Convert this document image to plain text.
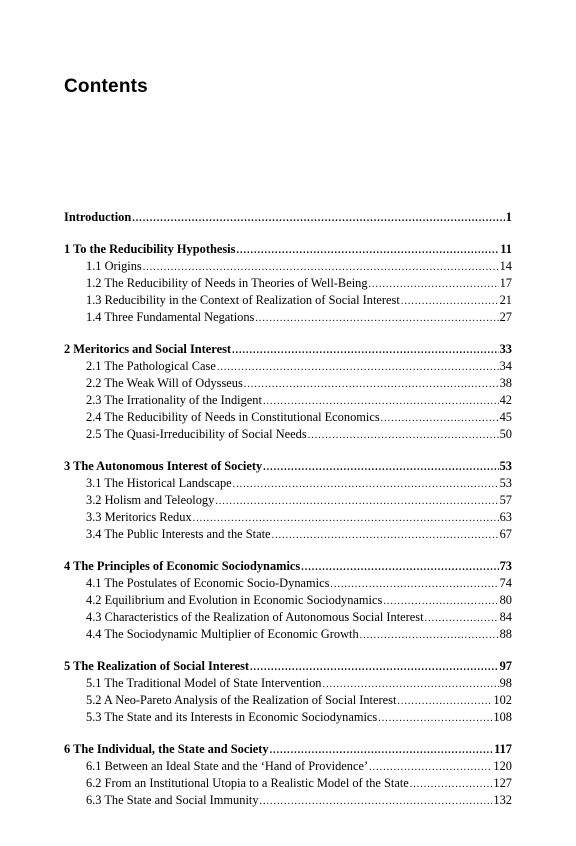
Contents
Introduction .....	1
1 To the Reducibility Hypothesis .....	11
1.1 Origins .....	14
1.2 The Reducibility of Needs in Theories of Well-Being .....	17
1.3 Reducibility in the Context of Realization of Social Interest .....	21
1.4 Three Fundamental Negations .....	27
2 Meritorics and Social Interest .....	33
2.1 The Pathological Case .....	34
2.2 The Weak Will of Odysseus .....	38
2.3 The Irrationality of the Indigent .....	42
2.4 The Reducibility of Needs in Constitutional Economics .....	45
2.5 The Quasi-Irreducibility of Social Needs .....	50
3 The Autonomous Interest of Society .....	53
3.1 The Historical Landscape .....	53
3.2 Holism and Teleology .....	57
3.3 Meritorics Redux .....	63
3.4 The Public Interests and the State .....	67
4 The Principles of Economic Sociodynamics .....	73
4.1 The Postulates of Economic Socio-Dynamics .....	74
4.2 Equilibrium and Evolution in Economic Sociodynamics .....	80
4.3 Characteristics of the Realization of Autonomous Social Interest .....	84
4.4 The Sociodynamic Multiplier of Economic Growth .....	88
5 The Realization of Social Interest .....	97
5.1 The Traditional Model of State Intervention .....	98
5.2 A Neo-Pareto Analysis of the Realization of Social Interest .....	102
5.3 The State and its Interests in Economic Sociodynamics .....	108
6 The Individual, the State and Society .....	117
6.1 Between an Ideal State and the ‘Hand of Providence’ .....	120
6.2 From an Institutional Utopia to a Realistic Model of the State .....	127
6.3 The State and Social Immunity .....	132
